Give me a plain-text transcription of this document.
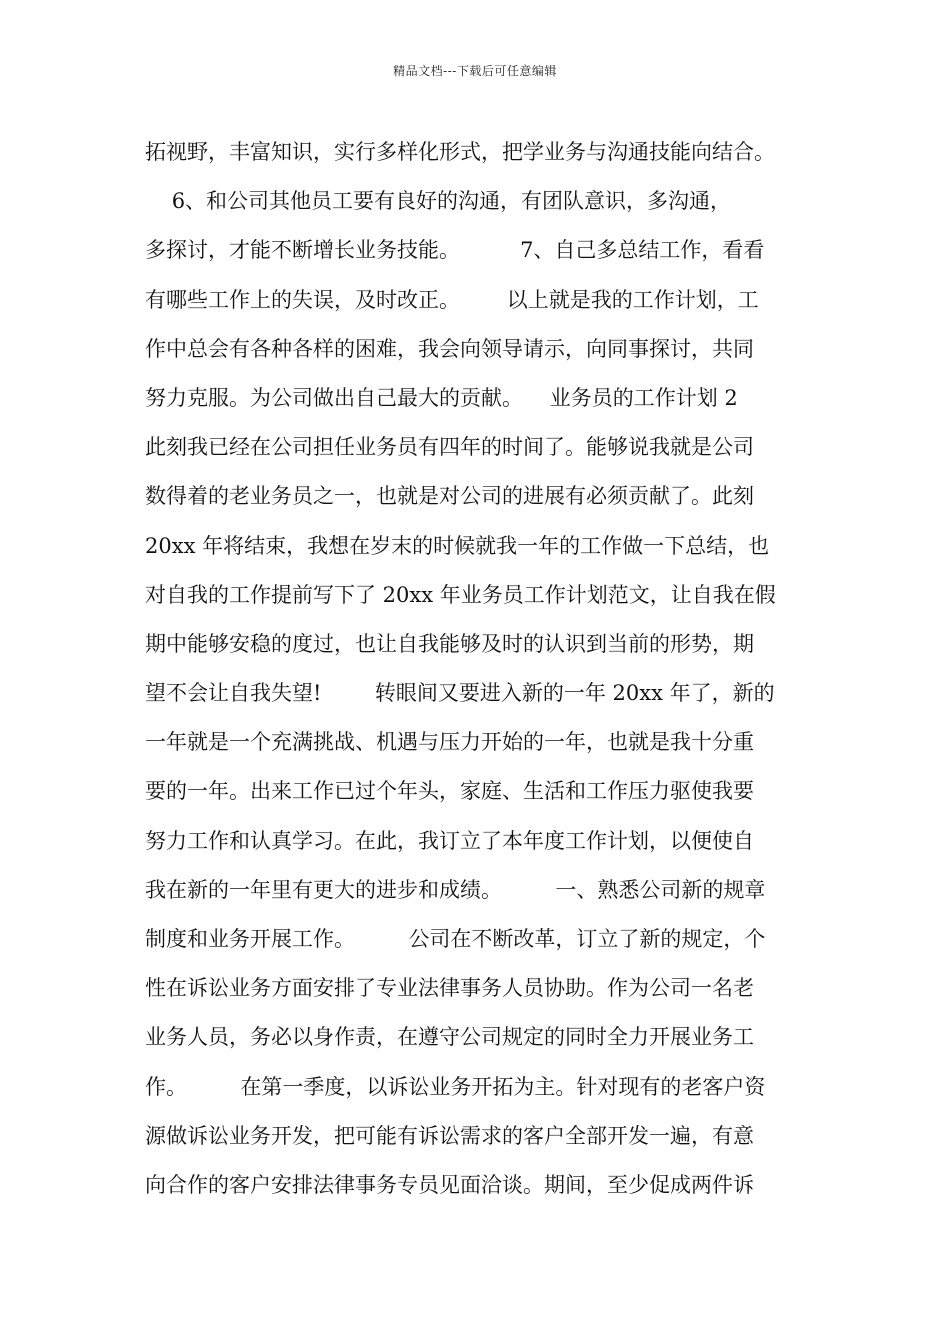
精品文档---下载后可任意编辑
拓视野，丰富知识，实行多样化形式，把学业务与沟通技能向结合。
6、和公司其他员工要有良好的沟通，有团队意识，多沟通，
多探讨，才能不断增长业务技能。         7、自己多总结工作，看看
有哪些工作上的失误，及时改正。       以上就是我的工作计划，工
作中总会有各种各样的困难，我会向领导请示，向同事探讨，共同
努力克服。为公司做出自己最大的贡献。    业务员的工作计划 2
此刻我已经在公司担任业务员有四年的时间了。能够说我就是公司
数得着的老业务员之一，也就是对公司的进展有必须贡献了。此刻
20xx 年将结束，我想在岁末的时候就我一年的工作做一下总结，也
对自我的工作提前写下了 20xx 年业务员工作计划范文，让自我在假
期中能够安稳的度过，也让自我能够及时的认识到当前的形势，期
望不会让自我失望!        转眼间又要进入新的一年 20xx 年了，新的
一年就是一个充满挑战、机遇与压力开始的一年，也就是我十分重
要的一年。出来工作已过个年头，家庭、生活和工作压力驱使我要
努力工作和认真学习。在此，我订立了本年度工作计划，以便使自
我在新的一年里有更大的进步和成绩。        一、熟悉公司新的规章
制度和业务开展工作。        公司在不断改革，订立了新的规定，个
性在诉讼业务方面安排了专业法律事务人员协助。作为公司一名老
业务人员，务必以身作责，在遵守公司规定的同时全力开展业务工
作。        在第一季度，以诉讼业务开拓为主。针对现有的老客户资
源做诉讼业务开发，把可能有诉讼需求的客户全部开发一遍，有意
向合作的客户安排法律事务专员见面洽谈。期间，至少促成两件诉
